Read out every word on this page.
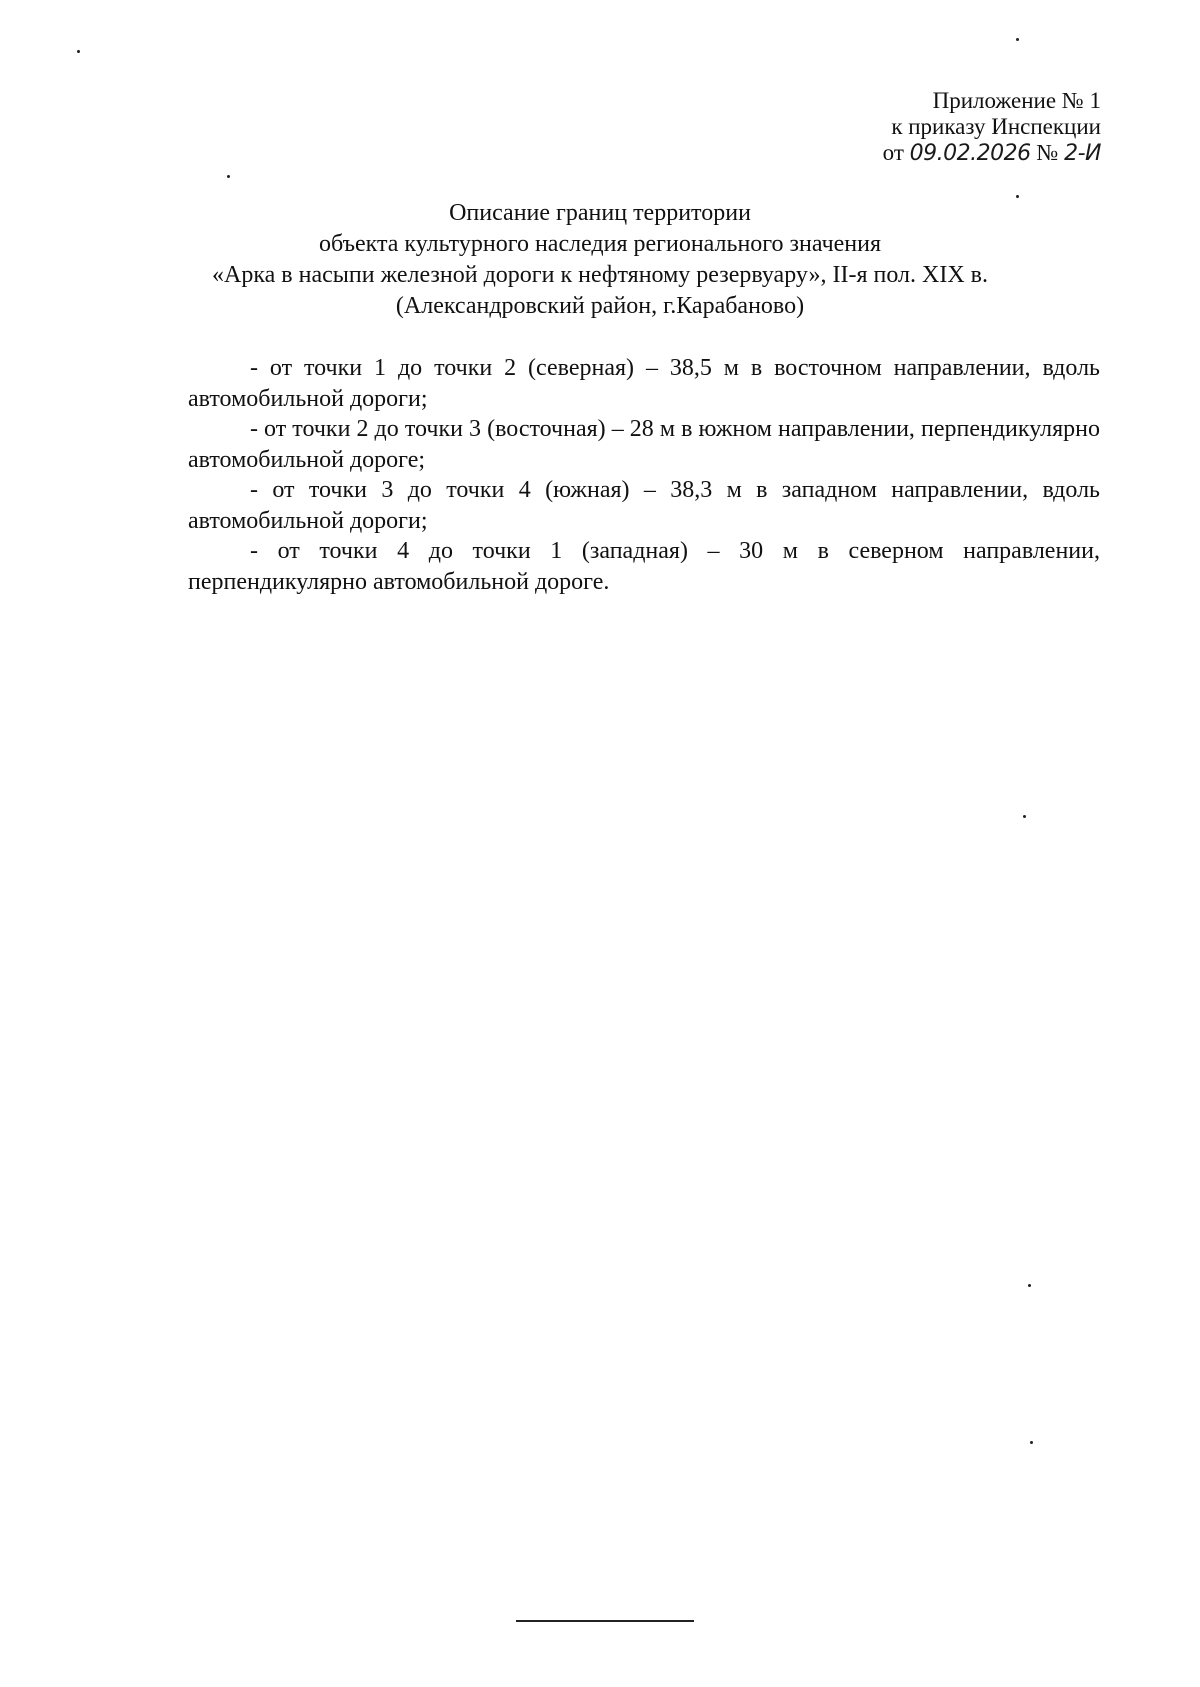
Приложение № 1
к приказу Инспекции
от 09.02.2026 № 2-И
Описание границ территории
объекта культурного наследия регионального значения
«Арка в насыпи железной дороги к нефтяному резервуару», II-я пол. XIX в.
(Александровский район, г.Карабаново)

- от точки 1 до точки 2 (северная) – 38,5 м в восточном направлении, вдоль автомобильной дороги;

- от точки 2 до точки 3 (восточная) – 28 м в южном направлении, перпендикулярно автомобильной дороге;

- от точки 3 до точки 4 (южная) – 38,3 м в западном направлении, вдоль автомобильной дороги;

- от точки 4 до точки 1 (западная) – 30 м в северном направлении, перпендикулярно автомобильной дороге.
